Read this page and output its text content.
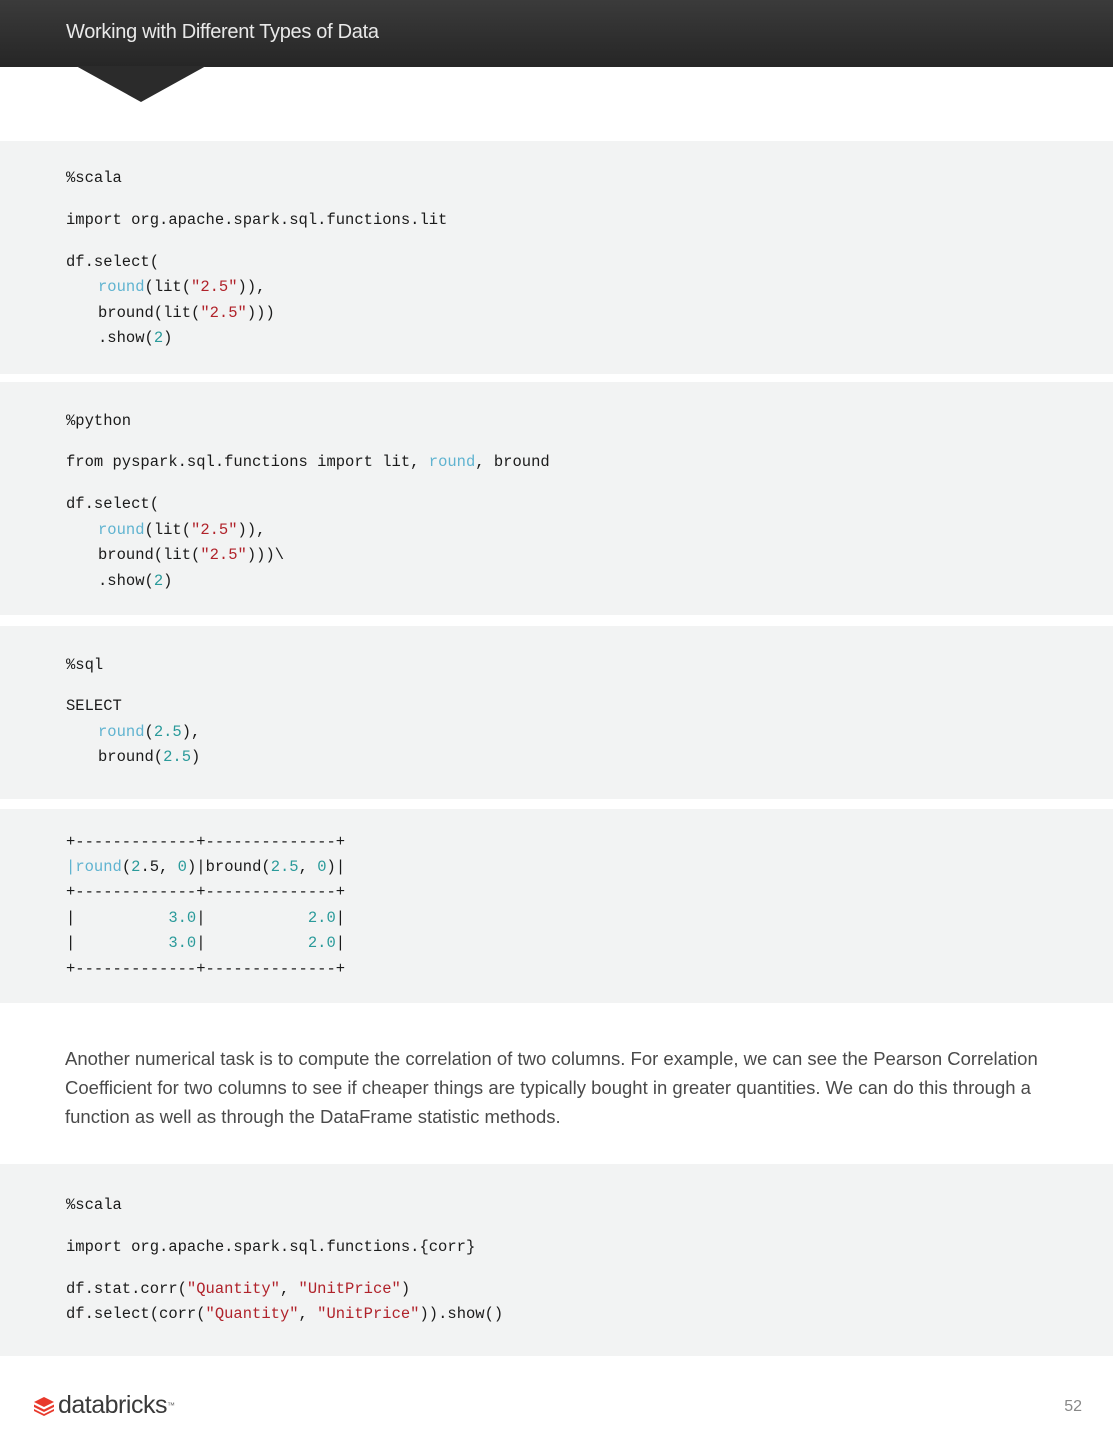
Working with Different Types of Data

%scala

import org.apache.spark.sql.functions.lit

df.select(

round(lit("2.5")),

bround(lit("2.5")))

.show(2)

%python

from pyspark.sql.functions import lit, round, bround

df.select(

round(lit("2.5")),

bround(lit("2.5")))\

.show(2)

%sql

SELECT

round(2.5),

bround(2.5)

+-------------+--------------+

|round(2.5, 0)|bround(2.5, 0)|

+-------------+--------------+

|          3.0|           2.0|

|          3.0|           2.0|

+-------------+--------------+

Another numerical task is to compute the correlation of two columns. For example, we can see the Pearson Correlation Coefficient for two columns to see if cheaper things are typically bought in greater quantities. We can do this through a function as well as through the DataFrame statistic methods.

%scala

import org.apache.spark.sql.functions.{corr}

df.stat.corr("Quantity", "UnitPrice")

df.select(corr("Quantity", "UnitPrice")).show()

databricks ™	52
